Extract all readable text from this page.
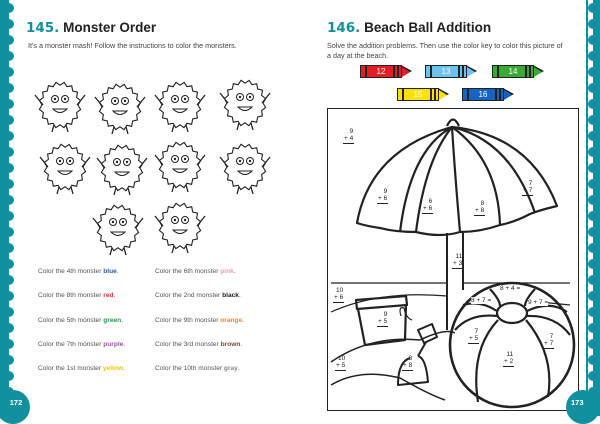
145. Monster Order
It's a monster mash! Follow the instructions to color the monsters.
Color the 4th monster blue.
Color the 8th monster red.
Color the 5th monster green.
Color the 7th monster purple.
Color the 1st monster yellow.
Color the 6th monster pink.
Color the 2nd monster black.
Color the 9th monster orange.
Color the 3rd monster brown.
Color the 10th monster gray.
172
146. Beach Ball Addition
Solve the addition problems. Then use the color key to color this picture of a day at the beach.
12	13	14
15	16
9
+ 4
9
+ 6	6
+ 6
8
+ 8
7
+ 7
11
+ 3
10
+ 6
9
+ 5
10
+ 5
8
+ 8
7
+ 5
11
+ 2
7
+ 7
8 + 4 =
8 + 7 =	9 + 7 =
173
